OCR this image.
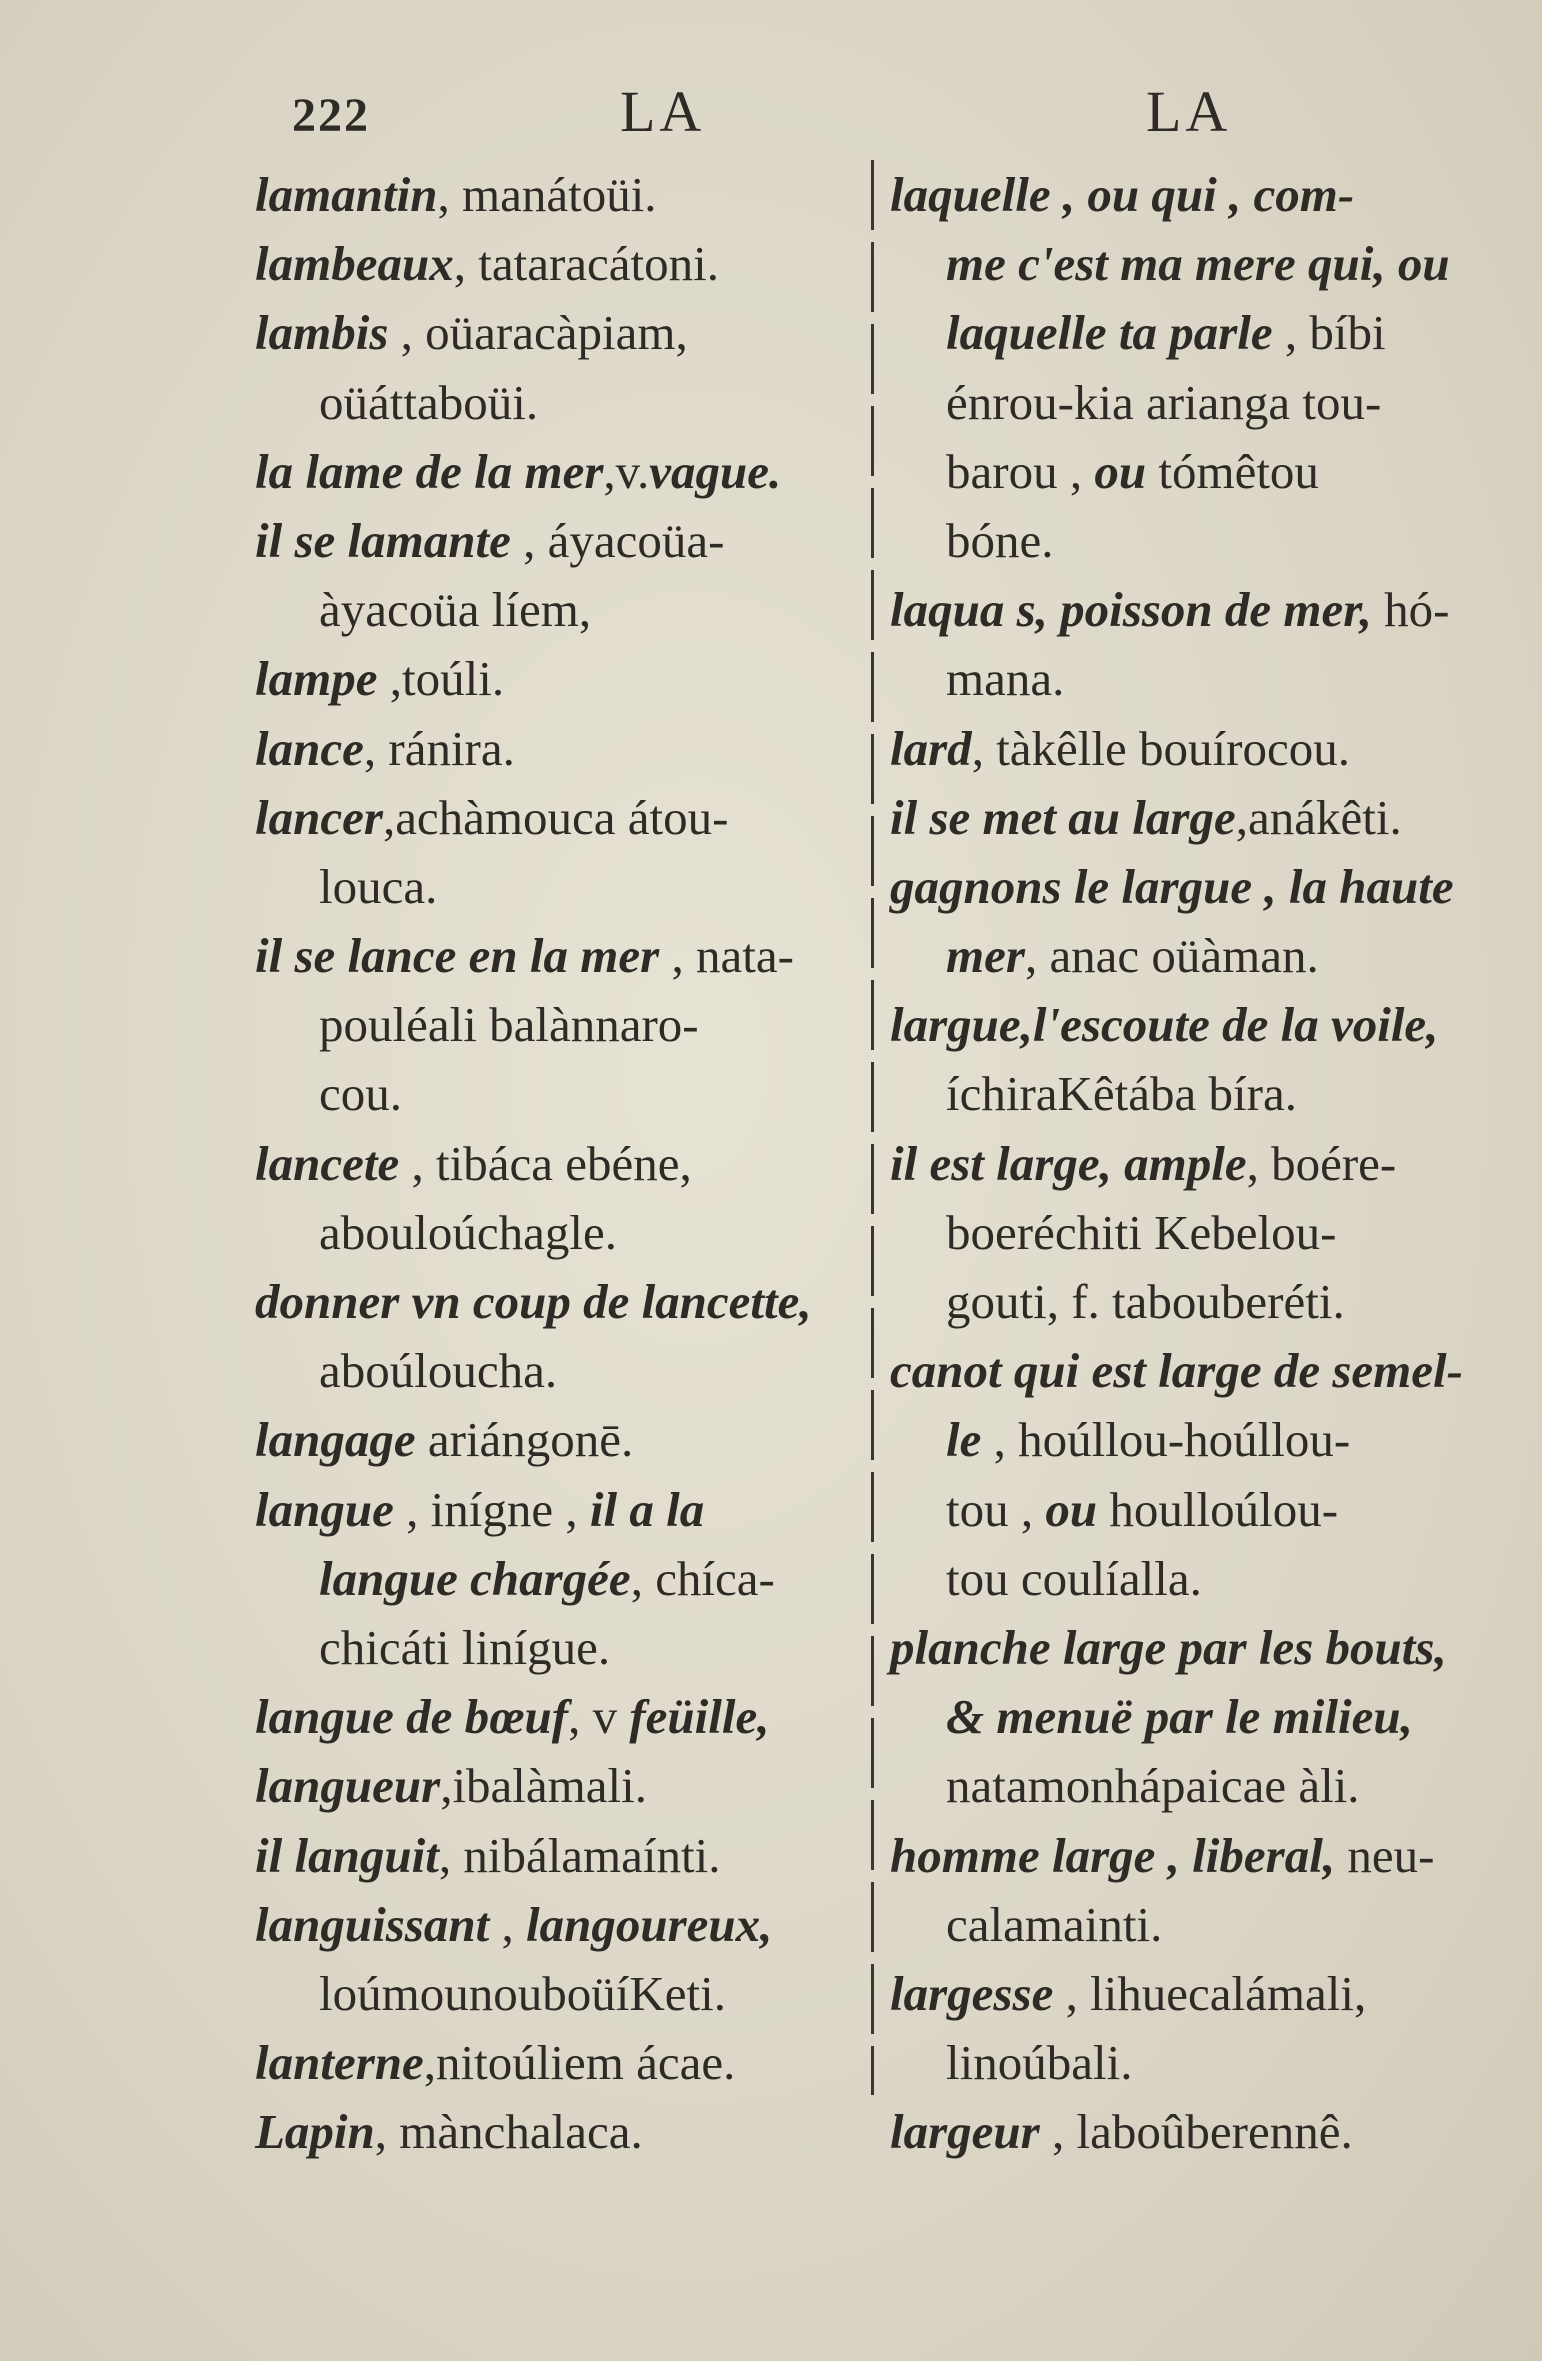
222	LA	LA
lamantin, manátoüi.
lambeaux, tataracátoni.
lambis , oüaracàpiam,
oüáttaboüi.
la lame de la mer,v.vague.
il se lamante , áyacoüa-
àyacoüa líem,
lampe ,toúli.
lance, ránira.
lancer,achàmouca átou-
louca.
il se lance en la mer , nata-
pouléali balànnaro-
cou.
lancete , tibáca ebéne,
abouloúchagle.
donner vn coup de lancette,
aboúloucha.
langage ariángonē.
langue , inígne , il a la
langue chargée, chíca-
chicáti liníguе.
langue de bœuf, v feüille,
langueur,ibalàmali.
il languit, nibálamaínti.
languissant , langoureux,
loúmounouboüíKeti.
lanterne,nitoúliem ácae.
Lapin, mànchalaca.
laquelle , ou qui , com-
me c'est ma mere qui, ou
laquelle ta parle , bíbi
énrou-kia arianga tou-
barou , ou tómêtou
bóne.
laqua s, poisson de mer, hó-
mana.
lard, tàkêlle bouírocou.
il se met au large,anákêti.
gagnons le largue , la haute
mer, anac oüàman.
largue,l'escoute de la voile,
íchiraKêtába bíra.
il est large, ample, boére-
boeréchiti Kebelou-
gouti, f. tabouberéti.
canot qui est large de semel-
le , hoúllou-hoúllou-
tou , ou houlloúlou-
tou coulíalla.
planche large par les bouts,
& menuë par le milieu,
natamonhápaicae àli.
homme large , liberal, neu-
calamainti.
largesse , lihuecalámali,
linoúbali.
largeur , laboûberennê.
